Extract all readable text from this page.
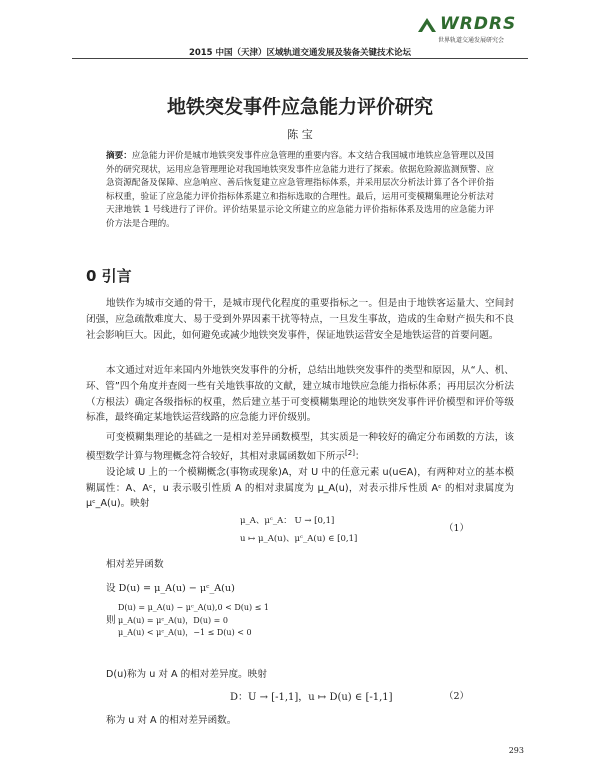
WRDRS
世界轨道交通发展研究会
2015 中国（天津）区域轨道交通发展及装备关键技术论坛
地铁突发事件应急能力评价研究
陈 宝
摘要：应急能力评价是城市地铁突发事件应急管理的重要内容。本文结合我国城市地铁应急管理以及国外的研究现状，运用应急管理理论对我国地铁突发事件应急能力进行了探索。依据危险源监测预警、应急资源配备及保障、应急响应、善后恢复建立应急管理指标体系，并采用层次分析法计算了各个评价指标权重，验证了应急能力评价指标体系建立和指标选取的合理性。最后，运用可变模糊集理论分析法对天津地铁 1 号线进行了评价。评价结果显示论文所建立的应急能力评价指标体系及选用的应急能力评价方法是合理的。
0 引言
地铁作为城市交通的骨干，是城市现代化程度的重要指标之一。但是由于地铁客运量大、空间封闭强，应急疏散难度大、易于受到外界因素干扰等特点，一旦发生事故，造成的生命财产损失和不良社会影响巨大。因此，如何避免或减少地铁突发事件，保证地铁运营安全是地铁运营的首要问题。
本文通过对近年来国内外地铁突发事件的分析，总结出地铁突发事件的类型和原因，从“人、机、环、管”四个角度并查阅一些有关地铁事故的文献，建立城市地铁应急能力指标体系；再用层次分析法（方根法）确定各级指标的权重，然后建立基于可变模糊集理论的地铁突发事件评价模型和评价等级标准，最终确定某地铁运营线路的应急能力评价级别。
可变模糊集理论的基础之一是相对差异函数模型，其实质是一种较好的确定分布函数的方法，该模型数学计算与物理概念符合较好，其相对隶属函数如下所示[2]：
设论域 U 上的一个模糊概念(事物或现象)A，对 U 中的任意元素 u(u∈A)，有两种对立的基本模糊属性：A、Aᶜ，u 表示吸引性质 A 的相对隶属度为 μ_A(u)，对表示排斥性质 Aᶜ 的相对隶属度为 μᶜ_A(u)。映射
μ_A、μᶜ_A： U → [0,1]
u ↦ μ_A(u)、μᶜ_A(u) ∈ [0,1]
（1）
相对差异函数
设 D(u) = μ_A(u) − μᶜ_A(u)
则
D(u) = μ_A(u) − μᶜ_A(u),0 < D(u) ≤ 1
μ_A(u) = μᶜ_A(u)，D(u) = 0
μ_A(u) < μᶜ_A(u)，−1 ≤ D(u) < 0
D(u)称为 u 对 A 的相对差异度。映射
D：U → [-1,1]，u ↦ D(u) ∈ [-1,1]	（2）
称为 u 对 A 的相对差异函数。
293
